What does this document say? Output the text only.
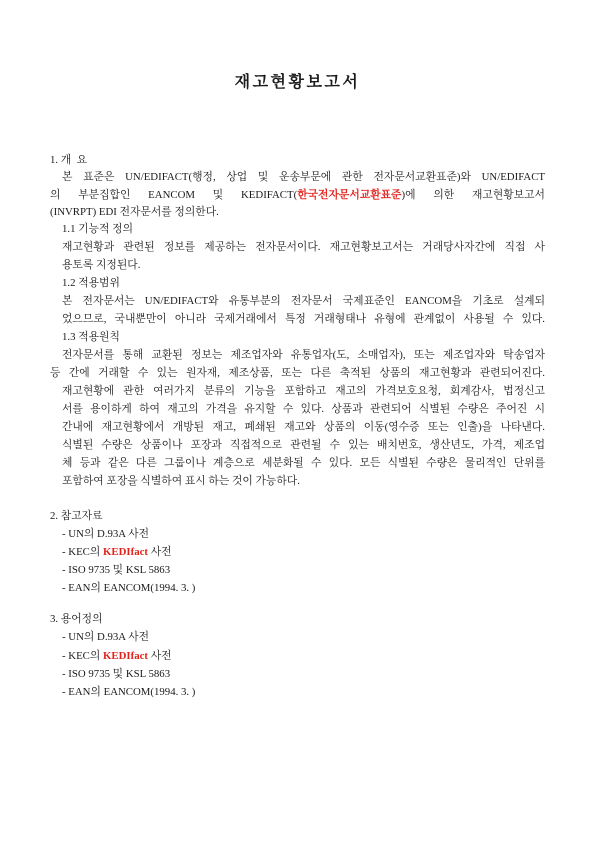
재고현황보고서
1. 개  요
본 표준은 UN/EDIFACT(행정, 상업 및 운송부문에 관한 전자문서교환표준)와 UN/EDIFACT
의 부분집합인 EANCOM 및 KEDIFACT(한국전자문서교환표준)에 의한 재고현황보고서
(INVRPT) EDI 전자문서를 정의한다.
1.1 기능적 정의
재고현황과 관련된 정보를 제공하는 전자문서이다. 재고현황보고서는 거래당사자간에 직접 사
용토록 지정된다.
1.2 적용범위
본 전자문서는 UN/EDIFACT와 유통부분의 전자문서 국제표준인 EANCOM을 기초로 설계되
었으므로, 국내뿐만이 아니라 국제거래에서 특정 거래형태나 유형에 관계없이 사용될 수 있다.
1.3 적용원칙
전자문서를 통해 교환된 정보는 제조업자와 유통업자(도, 소매업자), 또는 제조업자와 탁송업자
등 간에 거래할 수 있는 원자재, 제조상품, 또는 다른 축적된 상품의 재고현황과 관련되어진다.
재고현황에 관한 여러가지 분류의 기능을 포함하고 재고의 가격보호요청, 회계감사, 법정신고
서를 용이하게 하여 재고의 가격을 유지할 수 있다. 상품과 관련되어 식별된 수량은 주어진 시
간내에 재고현황에서 개방된 재고, 폐쇄된 재고와 상품의 이동(영수증 또는 인출)을 나타낸다.
식별된 수량은 상품이나 포장과 직접적으로 관련될 수 있는 배치번호, 생산년도, 가격, 제조업
체 등과 같은 다른 그룹이나 계층으로 세분화될 수 있다. 모든 식별된 수량은 물리적인 단위를
포함하여 포장을 식별하여 표시 하는 것이 가능하다.
2. 참고자료
- UN의 D.93A 사전
- KEC의 KEDIfact 사전
- ISO 9735 및 KSL 5863
- EAN의 EANCOM(1994. 3. )
3. 용어정의
- UN의 D.93A 사전
- KEC의 KEDIfact 사전
- ISO 9735 및 KSL 5863
- EAN의 EANCOM(1994. 3. )
